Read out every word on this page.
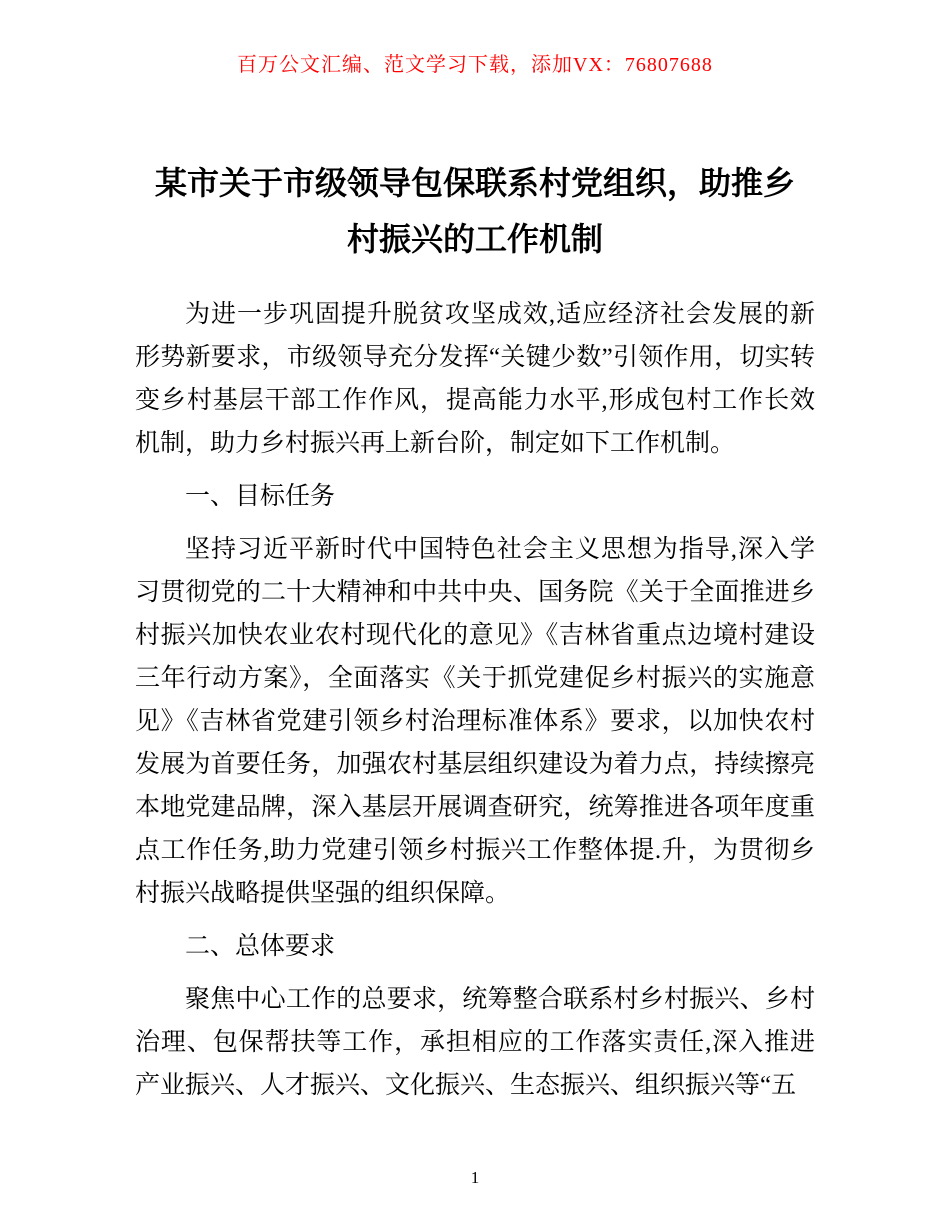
百万公文汇编、范文学习下载，添加VX：76807688
某市关于市级领导包保联系村党组织，助推乡村振兴的工作机制

为进一步巩固提升脱贫攻坚成效,适应经济社会发展的新形势新要求，市级领导充分发挥“关键少数”引领作用，切实转变乡村基层干部工作作风，提高能力水平,形成包村工作长效机制，助力乡村振兴再上新台阶，制定如下工作机制。

一、目标任务

坚持习近平新时代中国特色社会主义思想为指导,深入学习贯彻党的二十大精神和中共中央、国务院《关于全面推进乡村振兴加快农业农村现代化的意见》《吉林省重点边境村建设三年行动方案》，全面落实《关于抓党建促乡村振兴的实施意见》《吉林省党建引领乡村治理标准体系》要求，以加快农村发展为首要任务，加强农村基层组织建设为着力点，持续擦亮本地党建品牌，深入基层开展调查研究，统筹推进各项年度重点工作任务,助力党建引领乡村振兴工作整体提.升，为贯彻乡村振兴战略提供坚强的组织保障。

二、总体要求

聚焦中心工作的总要求，统筹整合联系村乡村振兴、乡村治理、包保帮扶等工作，承担相应的工作落实责任,深入推进产业振兴、人才振兴、文化振兴、生态振兴、组织振兴等“五

1
